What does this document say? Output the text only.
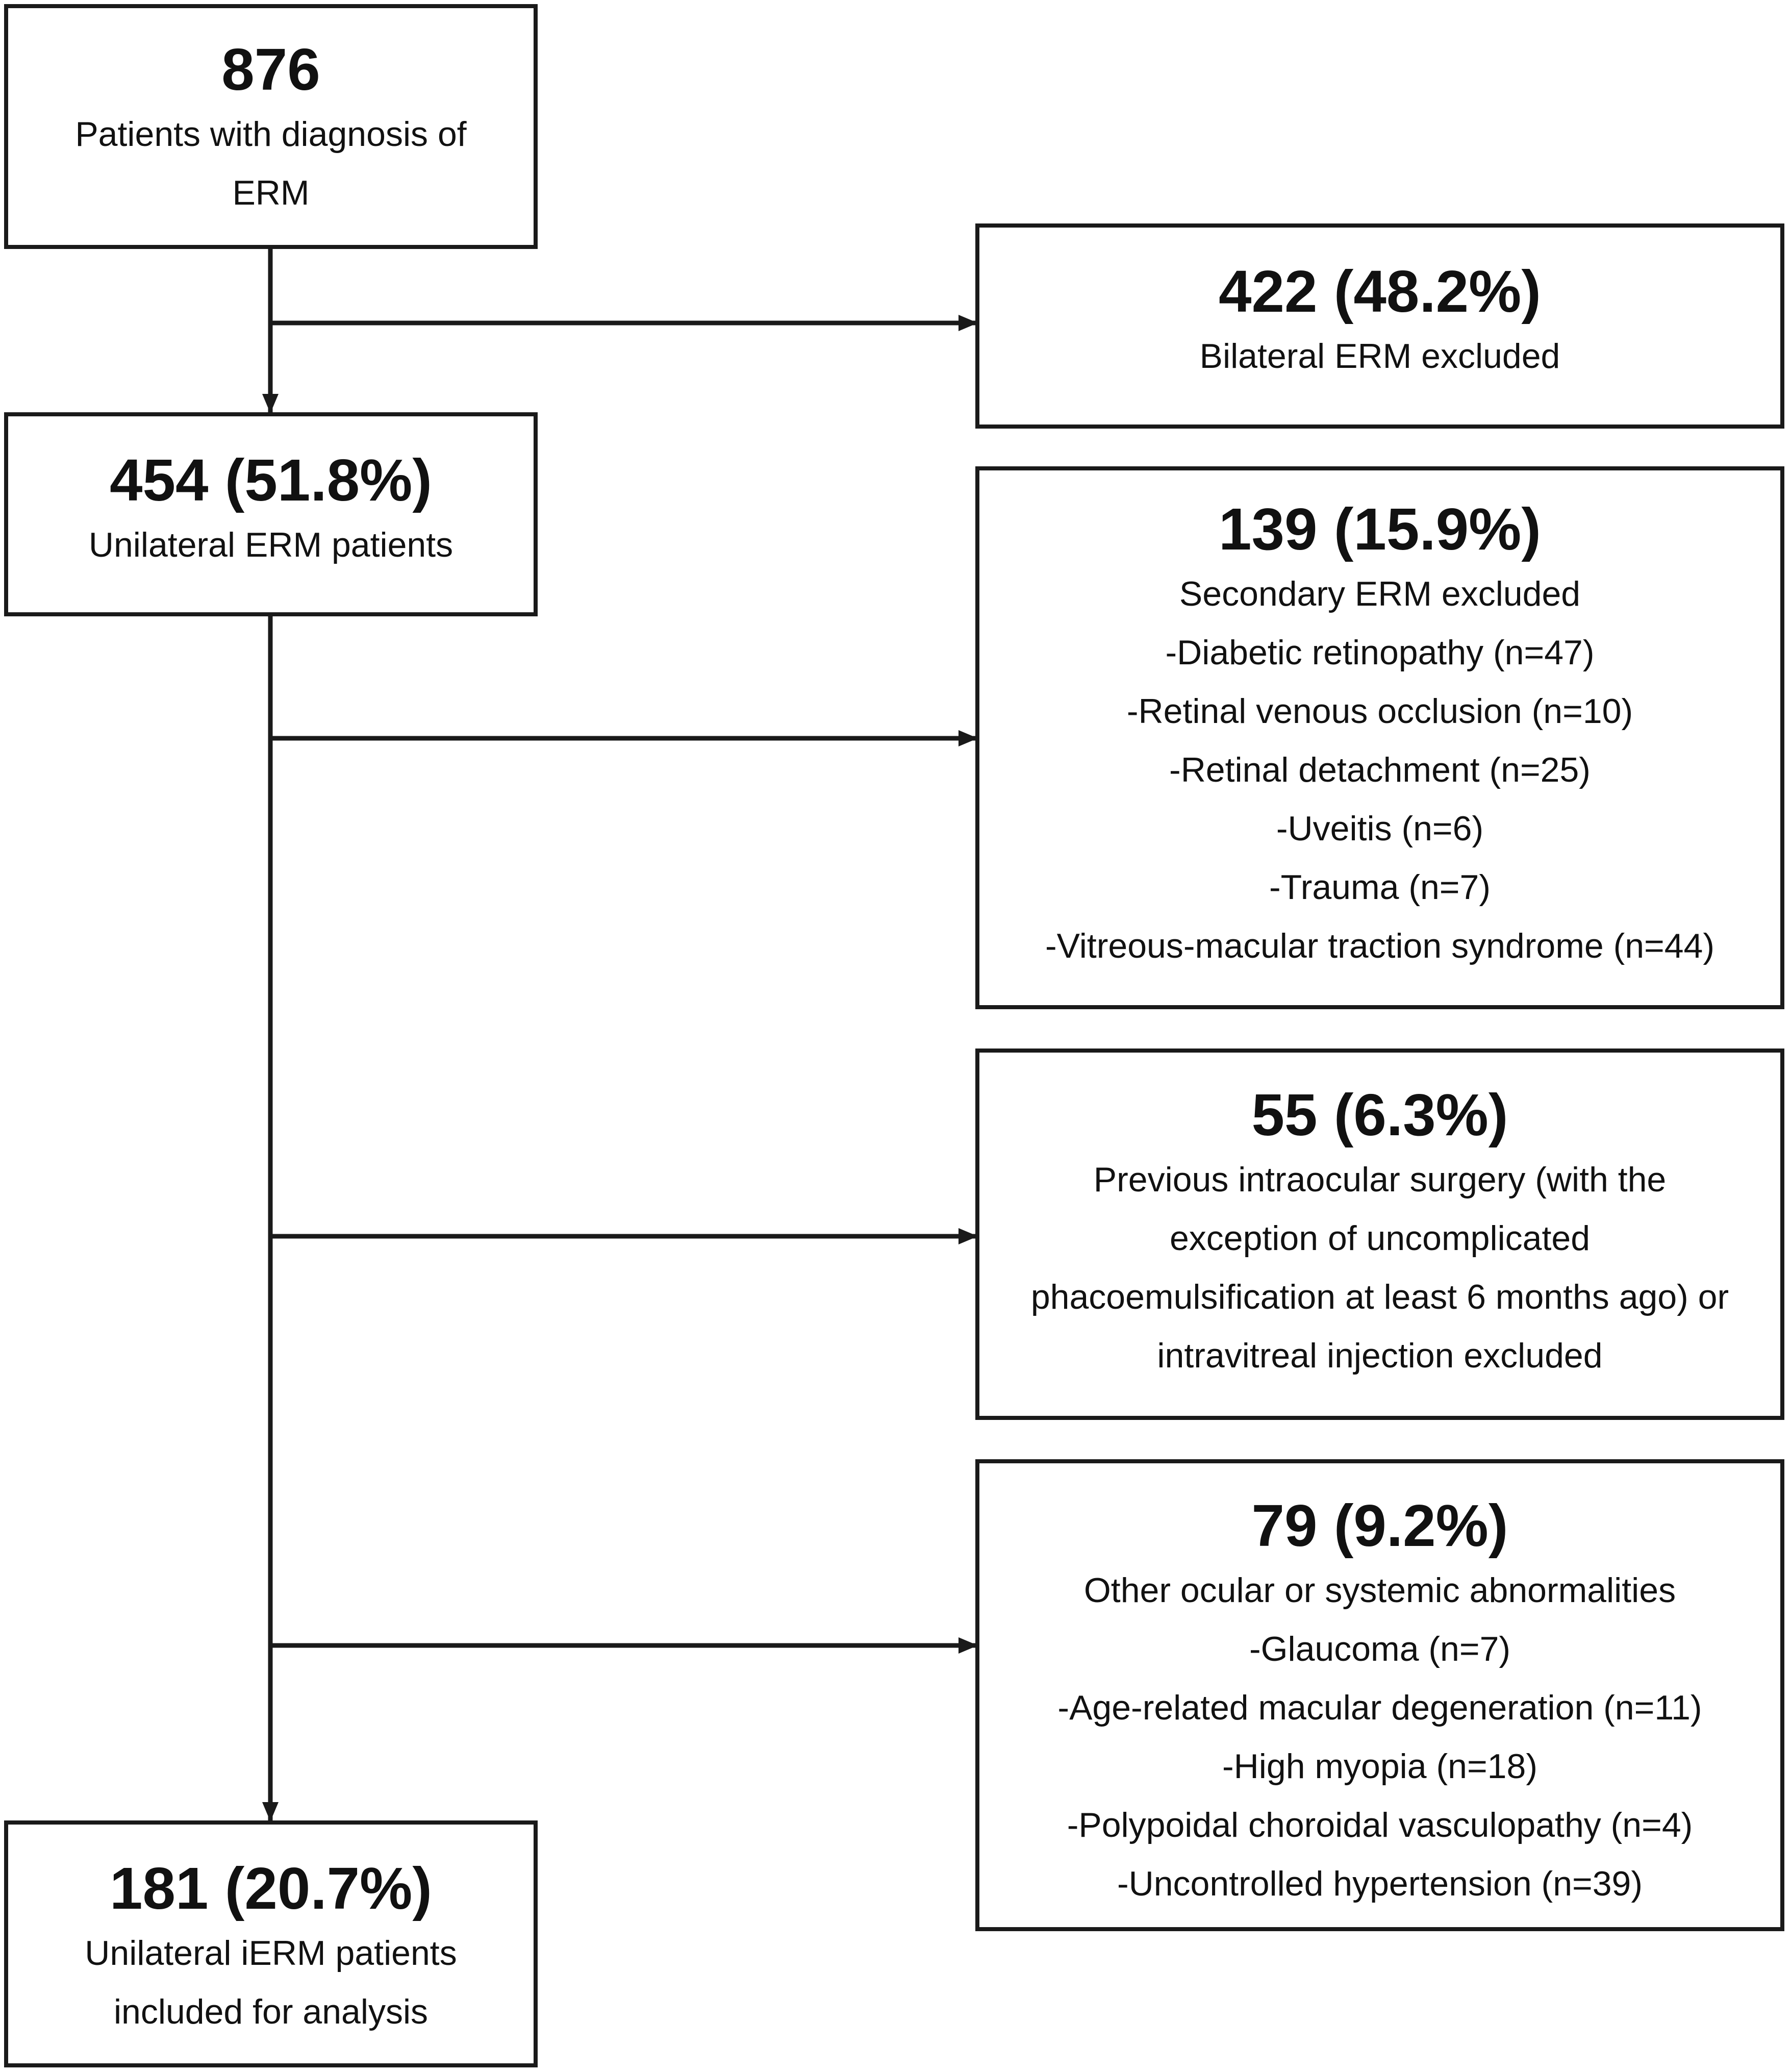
876
Patients with diagnosis of
ERM
422 (48.2%)
Bilateral ERM excluded
454 (51.8%)
Unilateral ERM patients	139 (15.9%)
Secondary ERM excluded
-Diabetic retinopathy (n=47)
-Retinal venous occlusion (n=10)
-Retinal detachment (n=25)
-Uveitis (n=6)
-Trauma (n=7)
-Vitreous-macular traction syndrome (n=44)
55 (6.3%)
Previous intraocular surgery (with the
exception of uncomplicated
phacoemulsification at least 6 months ago) or
intravitreal injection excluded
79 (9.2%)
Other ocular or systemic abnormalities
-Glaucoma (n=7)
-Age-related macular degeneration (n=11)
-High myopia (n=18)
-Polypoidal choroidal vasculopathy (n=4)
-Uncontrolled hypertension (n=39)
181 (20.7%)
Unilateral iERM patients
included for analysis
